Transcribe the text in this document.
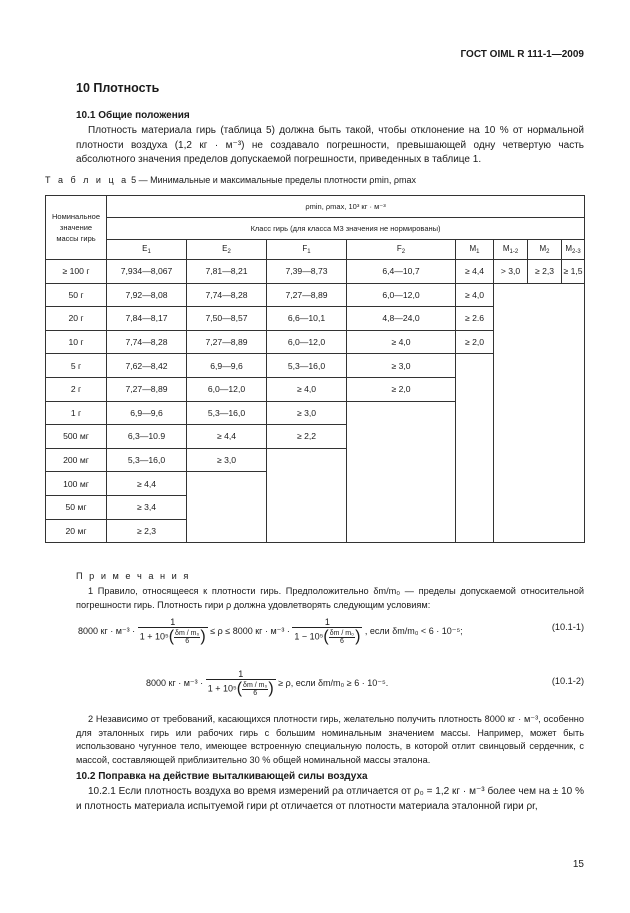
ГОСТ OIML R 111-1—2009
10 Плотность
10.1 Общие положения
Плотность материала гирь (таблица 5) должна быть такой, чтобы отклонение на 10 % от нормальной плотности воздуха (1,2 кг · м⁻³) не создавало погрешности, превышающей одну четвертую часть абсолютного значения пределов допускаемой погрешности, приведенных в таблице 1.
Т а б л и ц а 5 — Минимальные и максимальные пределы плотности ρmin, ρmax
Номинальное значение массы гирь	ρmin, ρmax, 10³ кг · м⁻³							
	Класс гирь (для класса M3 значения не нормированы)							
	$E_1$	$E_2$	$F_1$	$F_2$	$M_1$	$M_{1-2}$	$M_2$	$M_{2-3}$
≥ 100 г	7,934—8,067	7,81—8,21	7,39—8,73	6,4—10,7	≥ 4,4	> 3,0	≥ 2,3	≥ 1,5
50 г	7,92—8,08	7,74—8,28	7,27—8,89	6,0—12,0	≥ 4,0			
20 г	7,84—8,17	7,50—8,57	6,6—10,1	4,8—24,0	≥ 2.6			
10 г	7,74—8,28	7,27—8,89	6,0—12,0	≥ 4,0	≥ 2,0			
5 г	7,62—8,42	6,9—9,6	5,3—16,0	≥ 3,0				
2 г	7,27—8,89	6,0—12,0	≥ 4,0	≥ 2,0				
1 г	6,9—9,6	5,3—16,0	≥ 3,0					
500 мг	6,3—10.9	≥ 4,4	≥ 2,2					
200 мг	5,3—16,0	≥ 3,0						
100 мг	≥ 4,4							
50 мг	≥ 3,4							
20 мг	≥ 2,3							
П р и м е ч а н и я
1 Правило, относящееся к плотности гирь. Предположительно δm/m₀ — пределы допускаемой относительной погрешности гирь. Плотность гири ρ должна удовлетворять следующим условиям:
8000 кг · $м^{-3} \cdot \frac{1}{1 + 10^5( \frac{\text{δm / m₀}}{6} )} \le \rho \le 8000$ кг · $м^{-3} \cdot \frac{1}{1 - 10^5( \frac{\text{δm / m₀}}{6} )}$ , если δm/m₀ < 6 · 10⁻⁵;	(10.1-1)
8000 кг · $м^{-3} \cdot \frac{1}{1 + 10^5( \frac{\text{δm / m₀}}{6} )} \ge \rho$, если δm/m₀ ≥ 6 · 10⁻⁵.	(10.1-2)
2 Независимо от требований, касающихся плотности гирь, желательно получить плотность 8000 кг · м⁻³, особенно для эталонных гирь или рабочих гирь с большим номинальным значением массы. Например, может быть использовано чугунное тело, имеющее встроенную специальную полость, в которой отлит свинцовый сердечник, с массой, составляющей приблизительно 30 % общей номинальной массы эталона.
10.2 Поправка на действие выталкивающей силы воздуха
10.2.1 Если плотность воздуха во время измерений ρa отличается от ρ₀ = 1,2 кг · м⁻³ более чем на ± 10 % и плотность материала испытуемой гири ρt отличается от плотности материала эталонной гири ρr,
15
